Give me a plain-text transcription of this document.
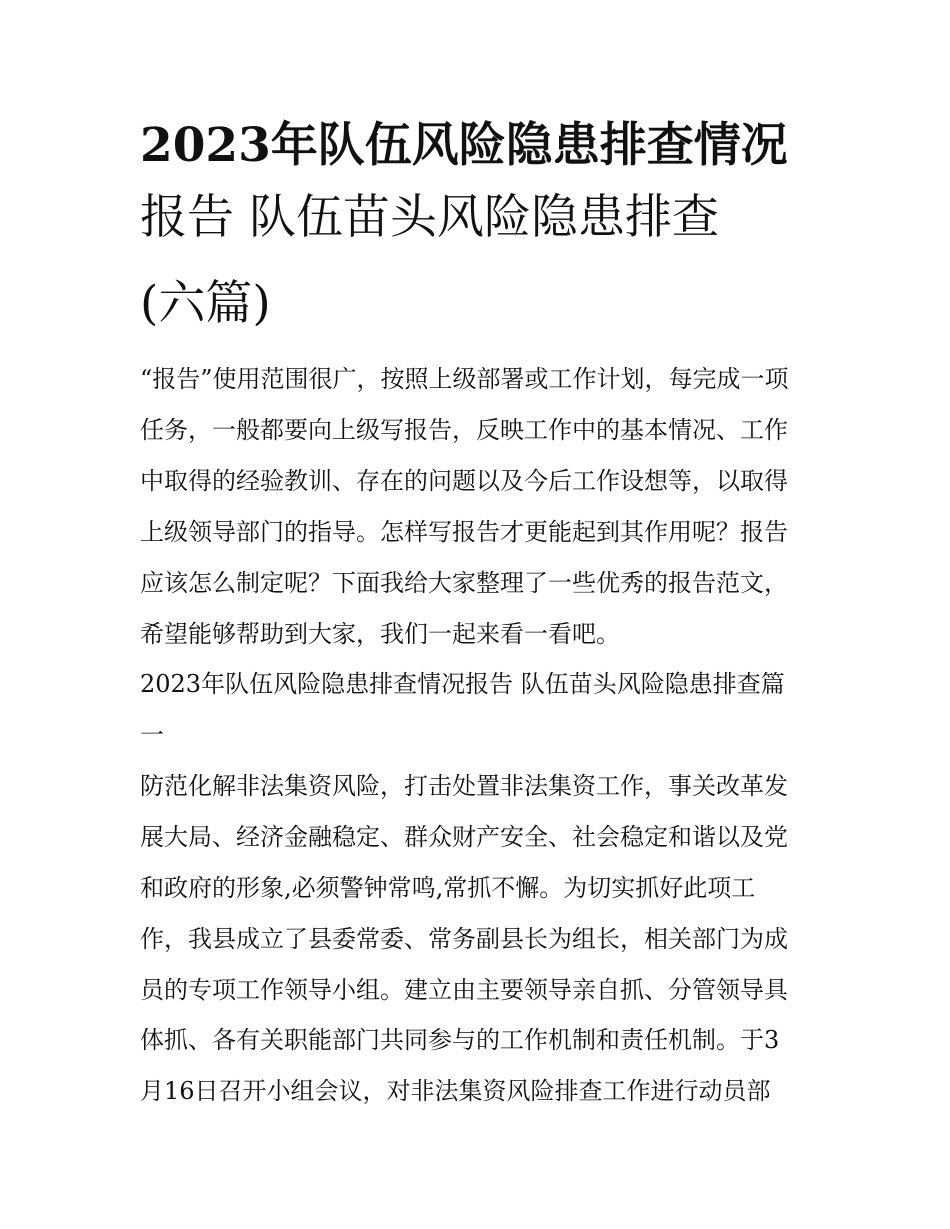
2023年队伍风险隐患排查情况
报告 队伍苗头风险隐患排查
(六篇)
“报告”使用范围很广，按照上级部署或工作计划，每完成一项
任务，一般都要向上级写报告，反映工作中的基本情况、工作
中取得的经验教训、存在的问题以及今后工作设想等，以取得
上级领导部门的指导。怎样写报告才更能起到其作用呢？报告
应该怎么制定呢？下面我给大家整理了一些优秀的报告范文，
希望能够帮助到大家，我们一起来看一看吧。
2023年队伍风险隐患排查情况报告 队伍苗头风险隐患排查篇
一
防范化解非法集资风险，打击处置非法集资工作，事关改革发
展大局、经济金融稳定、群众财产安全、社会稳定和谐以及党
和政府的形象,必须警钟常鸣,常抓不懈。为切实抓好此项工
作，我县成立了县委常委、常务副县长为组长，相关部门为成
员的专项工作领导小组。建立由主要领导亲自抓、分管领导具
体抓、各有关职能部门共同参与的工作机制和责任机制。于3
月16日召开小组会议，对非法集资风险排查工作进行动员部
